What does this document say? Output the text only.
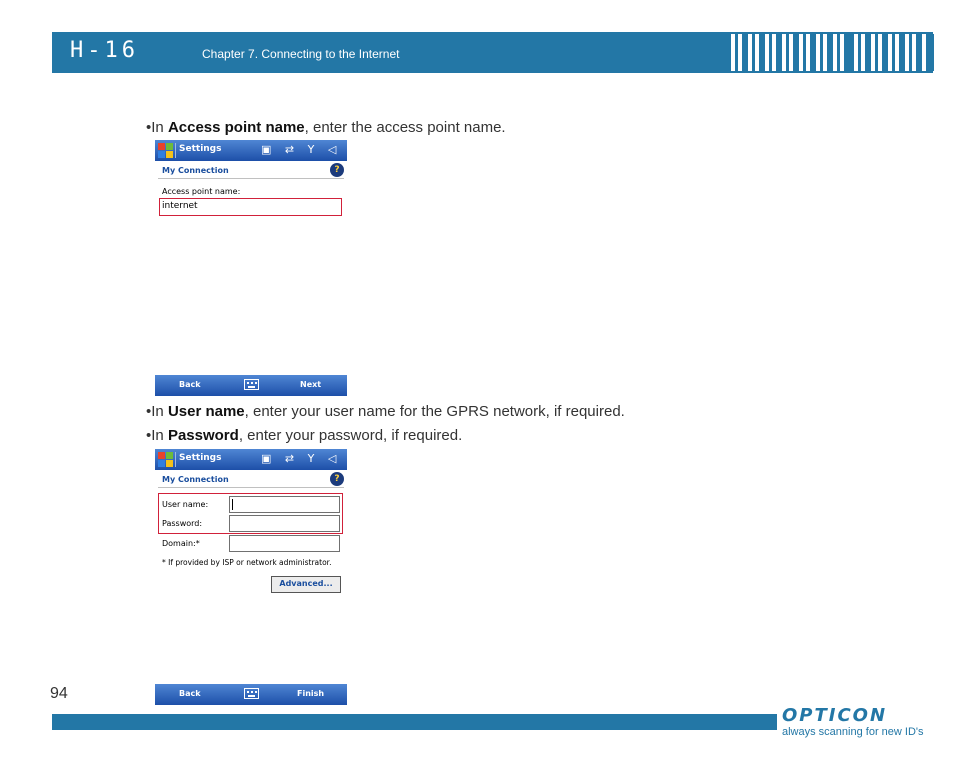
H-16	Chapter 7. Connecting to the Internet
•In Access point name, enter the access point name.
Settings	▣ ⇄ Y ◁
My Connection	?
Access point name:
internet
Back	Next
•In User name, enter your user name for the GPRS network, if required.
•In Password, enter your password, if required.
Settings	▣ ⇄ Y ◁
My Connection	?
User name:
Password:
Domain:*
* If provided by ISP or network administrator.
Advanced...
Back	Finish
94
OPTICON
always scanning for new ID's
